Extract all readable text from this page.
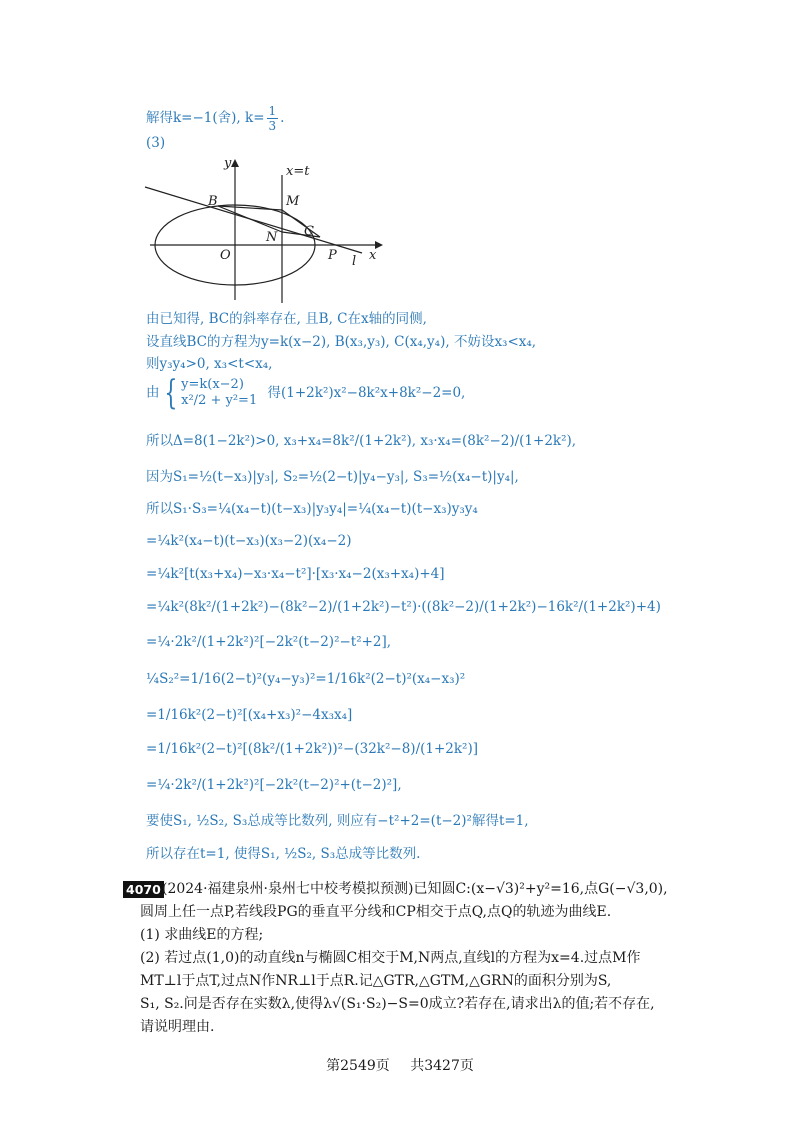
解得k=−1(舍), $k= \frac{1}{3}$ .
(3)
y
x=t
B	M
C
N
O	P l x
由已知得, BC的斜率存在, 且B, C在x轴的同侧,
设直线BC的方程为y=k(x−2), B(x₃,y₃), C(x₄,y₄), 不妨设x₃<x₄,
则y₃y₄>0, x₃<t<x₄,
由 { y=k(x−2)
x²/2 + y²=1 得(1+2k²)x²−8k²x+8k²−2=0,
所以Δ=8(1−2k²)>0, x₃+x₄=8k²/(1+2k²), x₃·x₄=(8k²−2)/(1+2k²),
因为S₁=½(t−x₃)|y₃|, S₂=½(2−t)|y₄−y₃|, S₃=½(x₄−t)|y₄|,
所以S₁·S₃=¼(x₄−t)(t−x₃)|y₃y₄|=¼(x₄−t)(t−x₃)y₃y₄
=¼k²(x₄−t)(t−x₃)(x₃−2)(x₄−2)
=¼k²[t(x₃+x₄)−x₃·x₄−t²]·[x₃·x₄−2(x₃+x₄)+4]
=¼k²(8k²/(1+2k²)−(8k²−2)/(1+2k²)−t²)·((8k²−2)/(1+2k²)−16k²/(1+2k²)+4)
=¼·2k²/(1+2k²)²[−2k²(t−2)²−t²+2],
¼S₂²=1/16(2−t)²(y₄−y₃)²=1/16k²(2−t)²(x₄−x₃)²
=1/16k²(2−t)²[(x₄+x₃)²−4x₃x₄]
=1/16k²(2−t)²[(8k²/(1+2k²))²−(32k²−8)/(1+2k²)]
=¼·2k²/(1+2k²)²[−2k²(t−2)²+(t−2)²],
要使S₁, ½S₂, S₃总成等比数列, 则应有−t²+2=(t−2)²解得t=1,
所以存在t=1, 使得S₁, ½S₂, S₃总成等比数列.
4070 (2024·福建泉州·泉州七中校考模拟预测)已知圆C:(x−√3)²+y²=16,点G(−√3,0),
圆周上任一点P,若线段PG的垂直平分线和CP相交于点Q,点Q的轨迹为曲线E.
(1) 求曲线E的方程;
(2) 若过点(1,0)的动直线n与椭圆C相交于M,N两点,直线l的方程为x=4.过点M作
MT⊥l于点T,过点N作NR⊥l于点R.记△GTR,△GTM,△GRN的面积分别为S,
S₁, S₂.问是否存在实数λ,使得λ√(S₁·S₂)−S=0成立?若存在,请求出λ的值;若不存在,
请说明理由.
第2549页 共3427页
